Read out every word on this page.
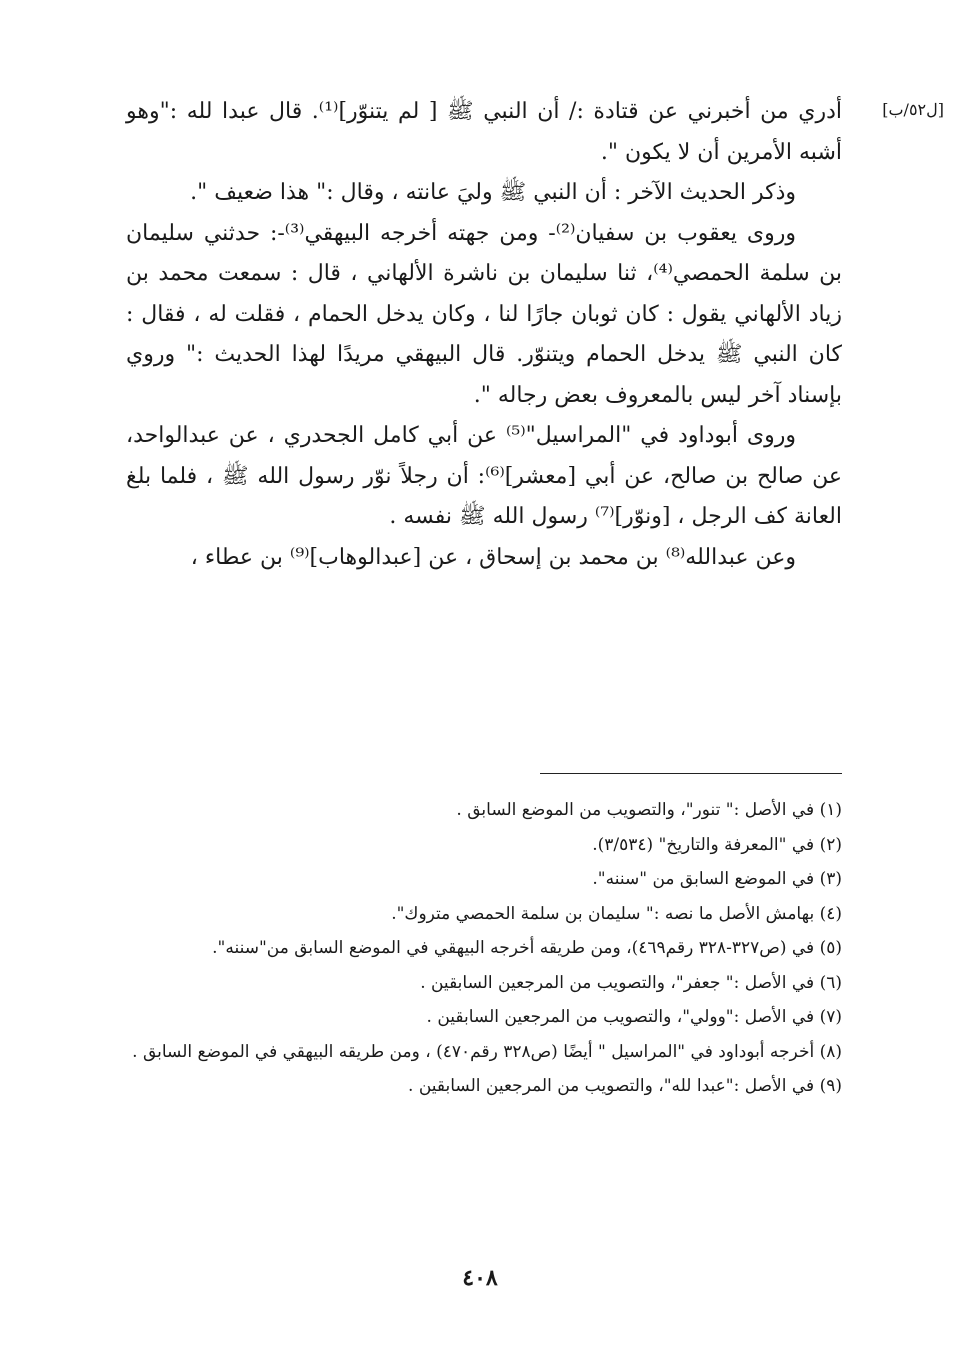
[ل٥٢/ب]

أدري من أخبرني عن قتادة :/ أن النبي ﷺ [ لم يتنوّر]⁽¹⁾. قال عبدا لله :"وهو أشبه الأمرين أن لا يكون ".

وذكر الحديث الآخر : أن النبي ﷺ وليَ عانته ، وقال :" هذا ضعيف ".

وروى يعقوب بن سفيان⁽²⁾- ومن جهته أخرجه البيهقي⁽³⁾-: حدثني سليمان بن سلمة الحمصي⁽⁴⁾، ثنا سليمان بن ناشرة الألهاني ، قال : سمعت محمد بن زياد الألهاني يقول : كان ثوبان جارًا لنا ، وكان يدخل الحمام ، فقلت له ، فقال : كان النبي ﷺ يدخل الحمام ويتنوّر. قال البيهقي مريدًا لهذا الحديث :" وروي بإسناد آخر ليس بالمعروف بعض رجاله ".

وروى أبوداود في "المراسيل"⁽⁵⁾ عن أبي كامل الجحدري ، عن عبدالواحد، عن صالح بن صالح، عن أبي [معشر]⁽⁶⁾: أن رجلاً نوّر رسول الله ﷺ ، فلما بلغ العانة كف الرجل ، [ونوّر]⁽⁷⁾ رسول الله ﷺ نفسه .

وعن عبدالله⁽⁸⁾ بن محمد بن إسحاق ، عن [عبدالوهاب]⁽⁹⁾ بن عطاء ،

(١) في الأصل :" تنور"، والتصويب من الموضع السابق .

(٢) في "المعرفة والتاريخ" (٣/٥٣٤).

(٣) في الموضع السابق من "سننه".

(٤) بهامش الأصل ما نصه :" سليمان بن سلمة الحمصي متروك".

(٥) في (ص٣٢٧-٣٢٨ رقم٤٦٩)، ومن طريقه أخرجه البيهقي في الموضع السابق من"سننه".

(٦) في الأصل :" جعفر"، والتصويب من المرجعين السابقين .

(٧) في الأصل :"وولي"، والتصويب من المرجعين السابقين .

(٨) أخرجه أبوداود في "المراسيل " أيضًا (ص٣٢٨ رقم٤٧٠) ، ومن طريقه البيهقي في الموضع السابق .

(٩) في الأصل :"عبدا لله"، والتصويب من المرجعين السابقين .

٤٠٨
